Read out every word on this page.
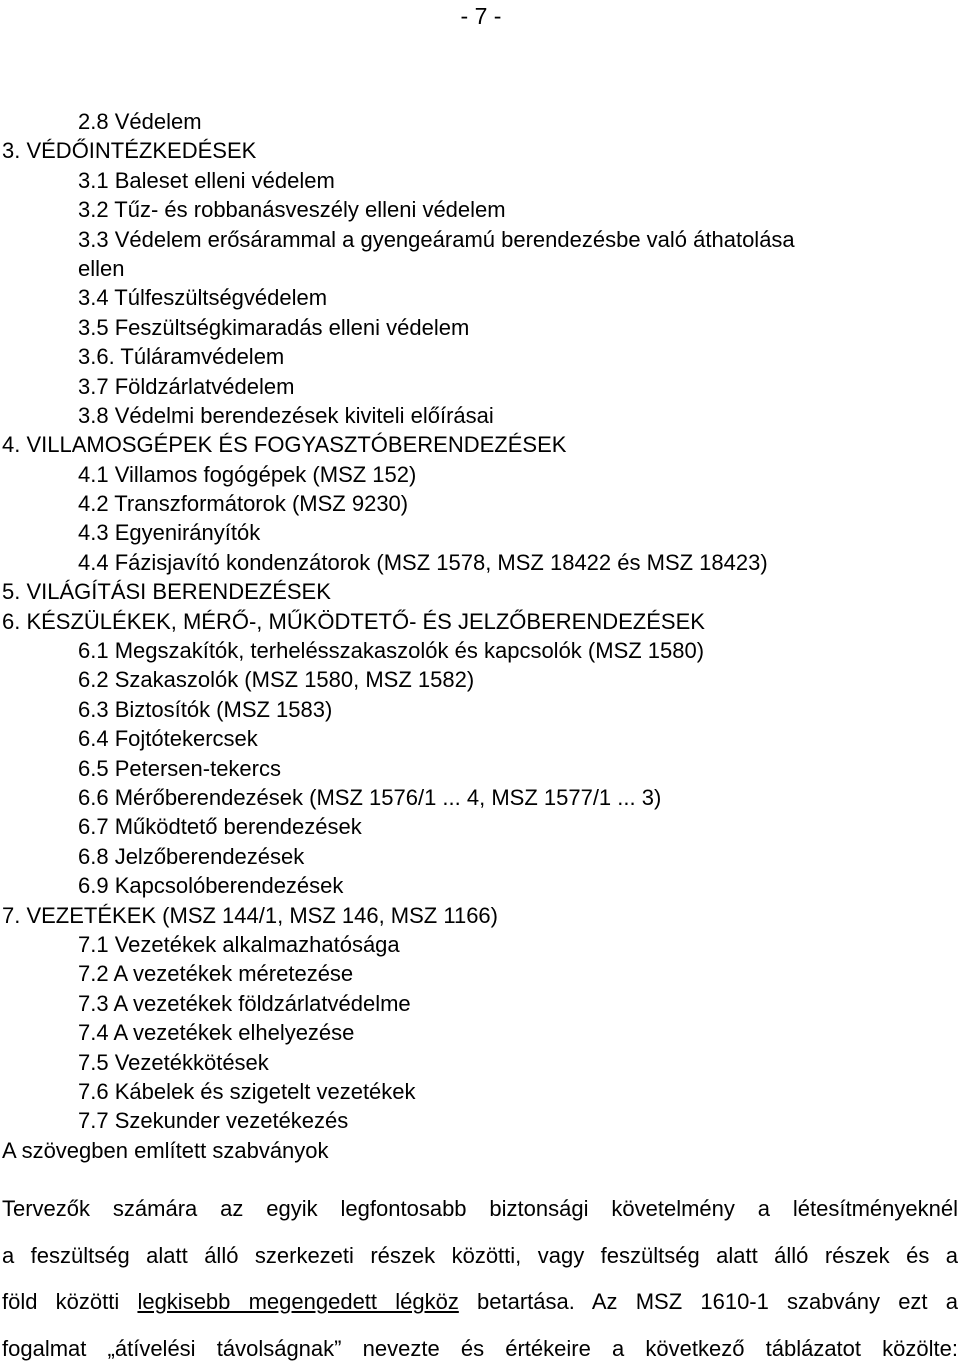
- 7 -
2.8 Védelem
3. VÉDŐINTÉZKEDÉSEK
3.1 Baleset elleni védelem
3.2 Tűz- és robbanásveszély elleni védelem
3.3 Védelem erősárammal a gyengeáramú berendezésbe való áthatolása
ellen
3.4 Túlfeszültségvédelem
3.5 Feszültségkimaradás elleni védelem
3.6. Túláramvédelem
3.7 Földzárlatvédelem
3.8 Védelmi berendezések kiviteli előírásai
4. VILLAMOSGÉPEK ÉS FOGYASZTÓBERENDEZÉSEK
4.1 Villamos fogógépek (MSZ 152)
4.2 Transzformátorok (MSZ 9230)
4.3 Egyenirányítók
4.4 Fázisjavító kondenzátorok (MSZ 1578, MSZ 18422 és MSZ 18423)
5. VILÁGÍTÁSI BERENDEZÉSEK
6. KÉSZÜLÉKEK, MÉRŐ-, MŰKÖDTETŐ- ÉS JELZŐBERENDEZÉSEK
6.1 Megszakítók, terhelésszakaszolók és kapcsolók (MSZ 1580)
6.2 Szakaszolók (MSZ 1580, MSZ 1582)
6.3 Biztosítók (MSZ 1583)
6.4 Fojtótekercsek
6.5 Petersen-tekercs
6.6 Mérőberendezések (MSZ 1576/1 ... 4, MSZ 1577/1 ... 3)
6.7 Működtető berendezések
6.8 Jelzőberendezések
6.9 Kapcsolóberendezések
7. VEZETÉKEK (MSZ 144/1, MSZ 146, MSZ 1166)
7.1 Vezetékek alkalmazhatósága
7.2 A vezetékek méretezése
7.3 A vezetékek földzárlatvédelme
7.4 A vezetékek elhelyezése
7.5 Vezetékkötések
7.6 Kábelek és szigetelt vezetékek
7.7 Szekunder vezetékezés
A szövegben említett szabványok
Tervezők számára az egyik legfontosabb biztonsági követelmény a létesítményeknél
a feszültség alatt álló szerkezeti részek közötti, vagy feszültség alatt álló részek és a
föld közötti legkisebb megengedett légköz betartása. Az MSZ 1610-1 szabvány ezt a
fogalmat „átívelési távolságnak” nevezte és értékeire a következő táblázatot közölte:
